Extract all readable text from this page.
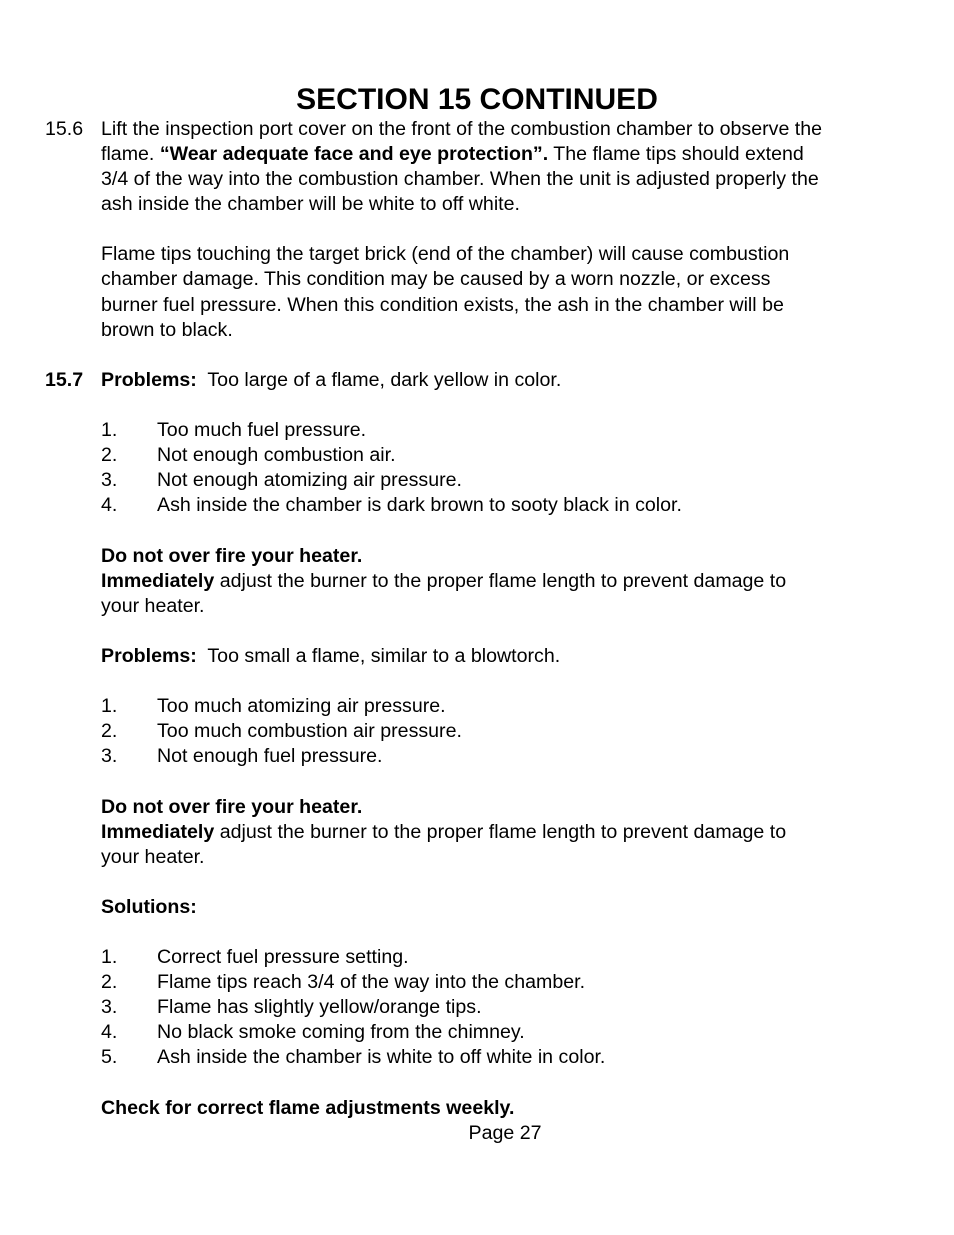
SECTION 15 CONTINUED
15.6 Lift the inspection port cover on the front of the combustion chamber to observe the
flame. “Wear adequate face and eye protection”. The flame tips should extend
3/4 of the way into the combustion chamber. When the unit is adjusted properly the
ash inside the chamber will be white to off white.
Flame tips touching the target brick (end of the chamber) will cause combustion
chamber damage. This condition may be caused by a worn nozzle, or excess
burner fuel pressure. When this condition exists, the ash in the chamber will be
brown to black.
15.7 Problems: Too large of a flame, dark yellow in color.
1. Too much fuel pressure.
2. Not enough combustion air.
3. Not enough atomizing air pressure.
4. Ash inside the chamber is dark brown to sooty black in color.
Do not over fire your heater.
Immediately adjust the burner to the proper flame length to prevent damage to
your heater.
Problems: Too small a flame, similar to a blowtorch.
1. Too much atomizing air pressure.
2. Too much combustion air pressure.
3. Not enough fuel pressure.
Do not over fire your heater.
Immediately adjust the burner to the proper flame length to prevent damage to
your heater.
Solutions:
1. Correct fuel pressure setting.
2. Flame tips reach 3/4 of the way into the chamber.
3. Flame has slightly yellow/orange tips.
4. No black smoke coming from the chimney.
5. Ash inside the chamber is white to off white in color.
Check for correct flame adjustments weekly.
Page 27
